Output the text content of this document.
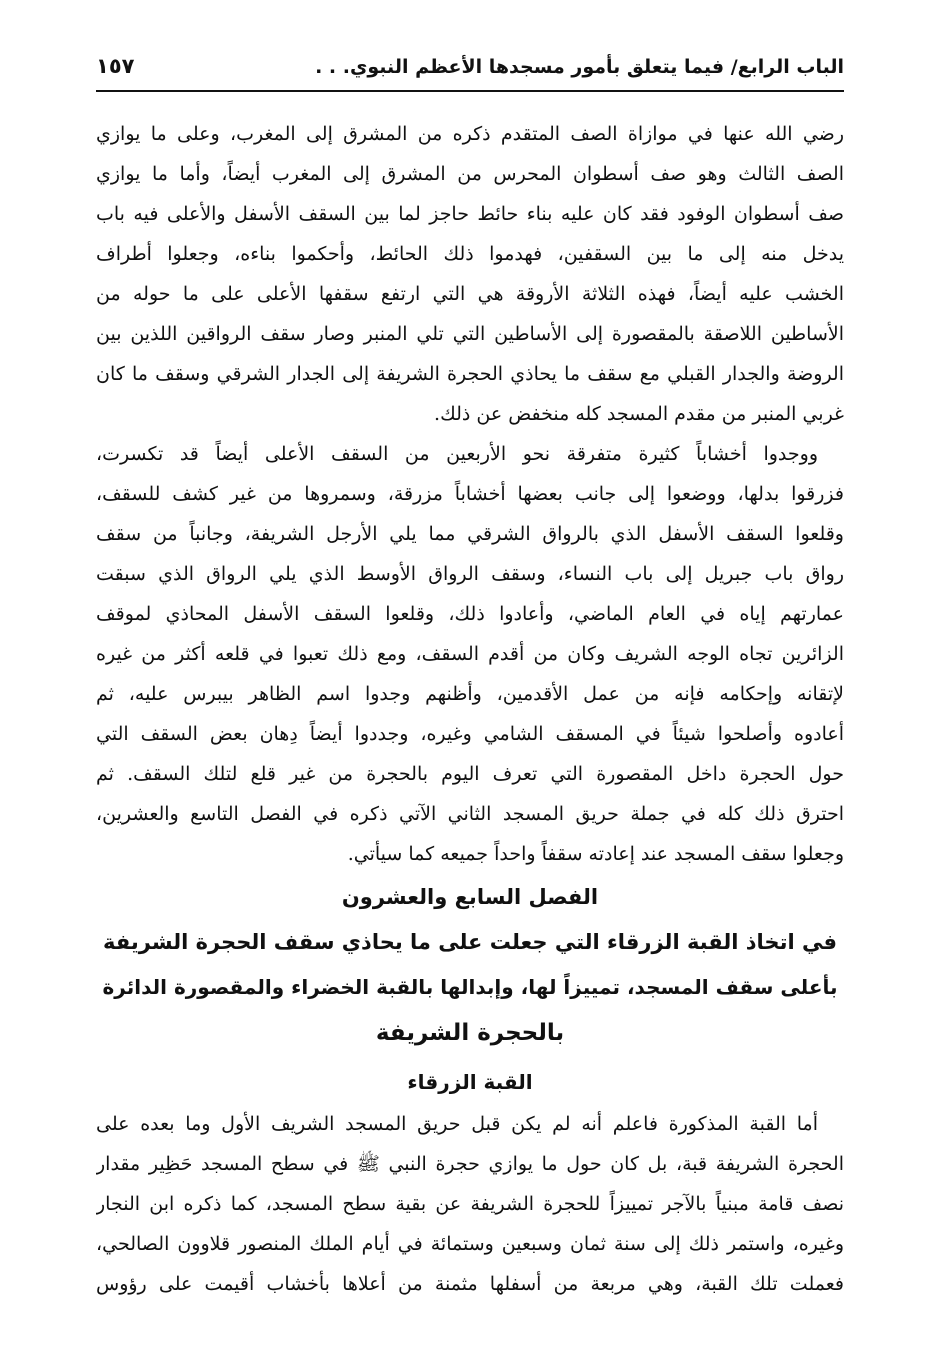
الباب الرابع/ فيما يتعلق بأمور مسجدها الأعظم النبوي. . .
١٥٧
رضي الله عنها في موازاة الصف المتقدم ذكره من المشرق إلى المغرب، وعلى ما يوازي
الصف الثالث وهو صف أسطوان المحرس من المشرق إلى المغرب أيضاً، وأما ما يوازي
صف أسطوان الوفود فقد كان عليه بناء حائط حاجز لما بين السقف الأسفل والأعلى فيه باب
يدخل منه إلى ما بين السقفين، فهدموا ذلك الحائط، وأحكموا بناءه، وجعلوا أطراف
الخشب عليه أيضاً، فهذه الثلاثة الأروقة هي التي ارتفع سقفها الأعلى على ما حوله من
الأساطين اللاصقة بالمقصورة إلى الأساطين التي تلي المنبر وصار سقف الرواقين اللذين بين
الروضة والجدار القبلي مع سقف ما يحاذي الحجرة الشريفة إلى الجدار الشرقي وسقف ما كان
غربي المنبر من مقدم المسجد كله منخفض عن ذلك.
ووجدوا أخشاباً كثيرة متفرقة نحو الأربعين من السقف الأعلى أيضاً قد تكسرت،
فزرقوا بدلها، ووضعوا إلى جانب بعضها أخشاباً مزرقة، وسمروها من غير كشف للسقف،
وقلعوا السقف الأسفل الذي بالرواق الشرقي مما يلي الأرجل الشريفة، وجانباً من سقف
رواق باب جبريل إلى باب النساء، وسقف الرواق الأوسط الذي يلي الرواق الذي سبقت
عمارتهم إياه في العام الماضي، وأعادوا ذلك، وقلعوا السقف الأسفل المحاذي لموقف
الزائرين تجاه الوجه الشريف وكان من أقدم السقف، ومع ذلك تعبوا في قلعه أكثر من غيره
لإتقانه وإحكامه فإنه من عمل الأقدمين، وأظنهم وجدوا اسم الظاهر بيبرس عليه، ثم
أعادوه وأصلحوا شيئاً في المسقف الشامي وغيره، وجددوا أيضاً دِهان بعض السقف التي
حول الحجرة داخل المقصورة التي تعرف اليوم بالحجرة من غير قلع لتلك السقف. ثم
احترق ذلك كله في جملة حريق المسجد الثاني الآتي ذكره في الفصل التاسع والعشرين،
وجعلوا سقف المسجد عند إعادته سقفاً واحداً جميعه كما سيأتي.
الفصل السابع والعشرون
في اتخاذ القبة الزرقاء التي جعلت على ما يحاذي سقف الحجرة الشريفة
بأعلى سقف المسجد، تمييزاً لها، وإبدالها بالقبة الخضراء والمقصورة الدائرة
بالحجرة الشريفة
القبة الزرقاء
أما القبة المذكورة فاعلم أنه لم يكن قبل حريق المسجد الشريف الأول وما بعده على
الحجرة الشريفة قبة، بل كان حول ما يوازي حجرة النبي ﷺ في سطح المسجد حَظِير مقدار
نصف قامة مبنياً بالآجر تمييزاً للحجرة الشريفة عن بقية سطح المسجد، كما ذكره ابن النجار
وغيره، واستمر ذلك إلى سنة ثمان وسبعين وستمائة في أيام الملك المنصور قلاوون الصالحي،
فعملت تلك القبة، وهي مربعة من أسفلها مثمنة من أعلاها بأخشاب أقيمت على رؤوس
